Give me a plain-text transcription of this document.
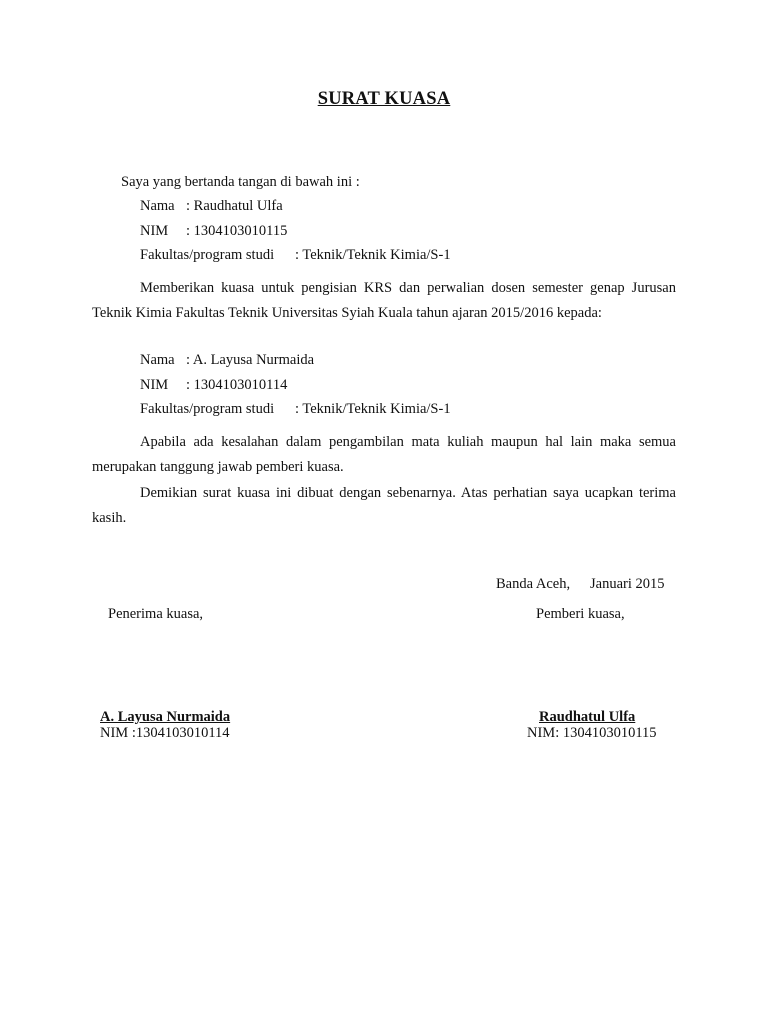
SURAT KUASA
Saya yang bertanda tangan di bawah ini :
Nama : Raudhatul Ulfa
NIM : 1304103010115
Fakultas/program studi : Teknik/Teknik Kimia/S-1
Memberikan kuasa untuk pengisian KRS dan perwalian dosen semester genap Jurusan Teknik Kimia Fakultas Teknik Universitas Syiah Kuala tahun ajaran 2015/2016 kepada:
Nama : A. Layusa Nurmaida
NIM : 1304103010114
Fakultas/program studi : Teknik/Teknik Kimia/S-1
Apabila ada kesalahan dalam pengambilan mata kuliah maupun hal lain maka semua merupakan tanggung jawab pemberi kuasa.
Demikian surat kuasa ini dibuat dengan sebenarnya. Atas perhatian saya ucapkan terima kasih.
Banda Aceh, Januari 2015
Penerima kuasa,	Pemberi kuasa,
A. Layusa Nurmaida
NIM :1304103010114
Raudhatul Ulfa
NIM: 1304103010115
